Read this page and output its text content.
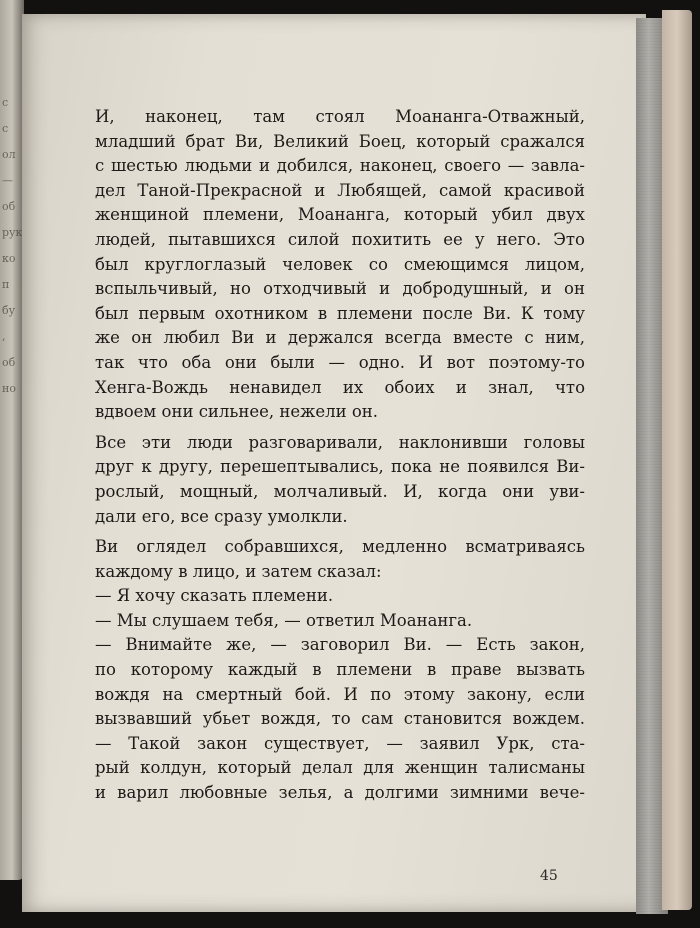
с
с
ол
—
об
рук
ко
п
бу
,
об
но
И, наконец, там стоял Моананга-Отважный,
младший брат Ви, Великий Боец, который сражался
с шестью людьми и добился, наконец, своего — завла-
дел Таной-Прекрасной и Любящей, самой красивой
женщиной племени, Моананга, который убил двух
людей, пытавшихся силой похитить ее у него. Это
был круглоглазый человек со смеющимся лицом,
вспыльчивый, но отходчивый и добродушный, и он
был первым охотником в племени после Ви. К тому
же он любил Ви и держался всегда вместе с ним,
так что оба они были — одно. И вот поэтому-то
Хенга-Вождь ненавидел их обоих и знал, что
вдвоем они сильнее, нежели он.
Все эти люди разговаривали, наклонивши головы
друг к другу, перешептывались, пока не появился Ви-
рослый, мощный, молчаливый. И, когда они уви-
дали его, все сразу умолкли.
Ви оглядел собравшихся, медленно всматриваясь
каждому в лицо, и затем сказал:
— Я хочу сказать племени.
— Мы слушаем тебя, — ответил Моананга.
— Внимайте же, — заговорил Ви. — Есть закон,
по которому каждый в племени в праве вызвать
вождя на смертный бой. И по этому закону, если
вызвавший убьет вождя, то сам становится вождем.
— Такой закон существует, — заявил Урк, ста-
рый колдун, который делал для женщин талисманы
и варил любовные зелья, а долгими зимними вече-
45
